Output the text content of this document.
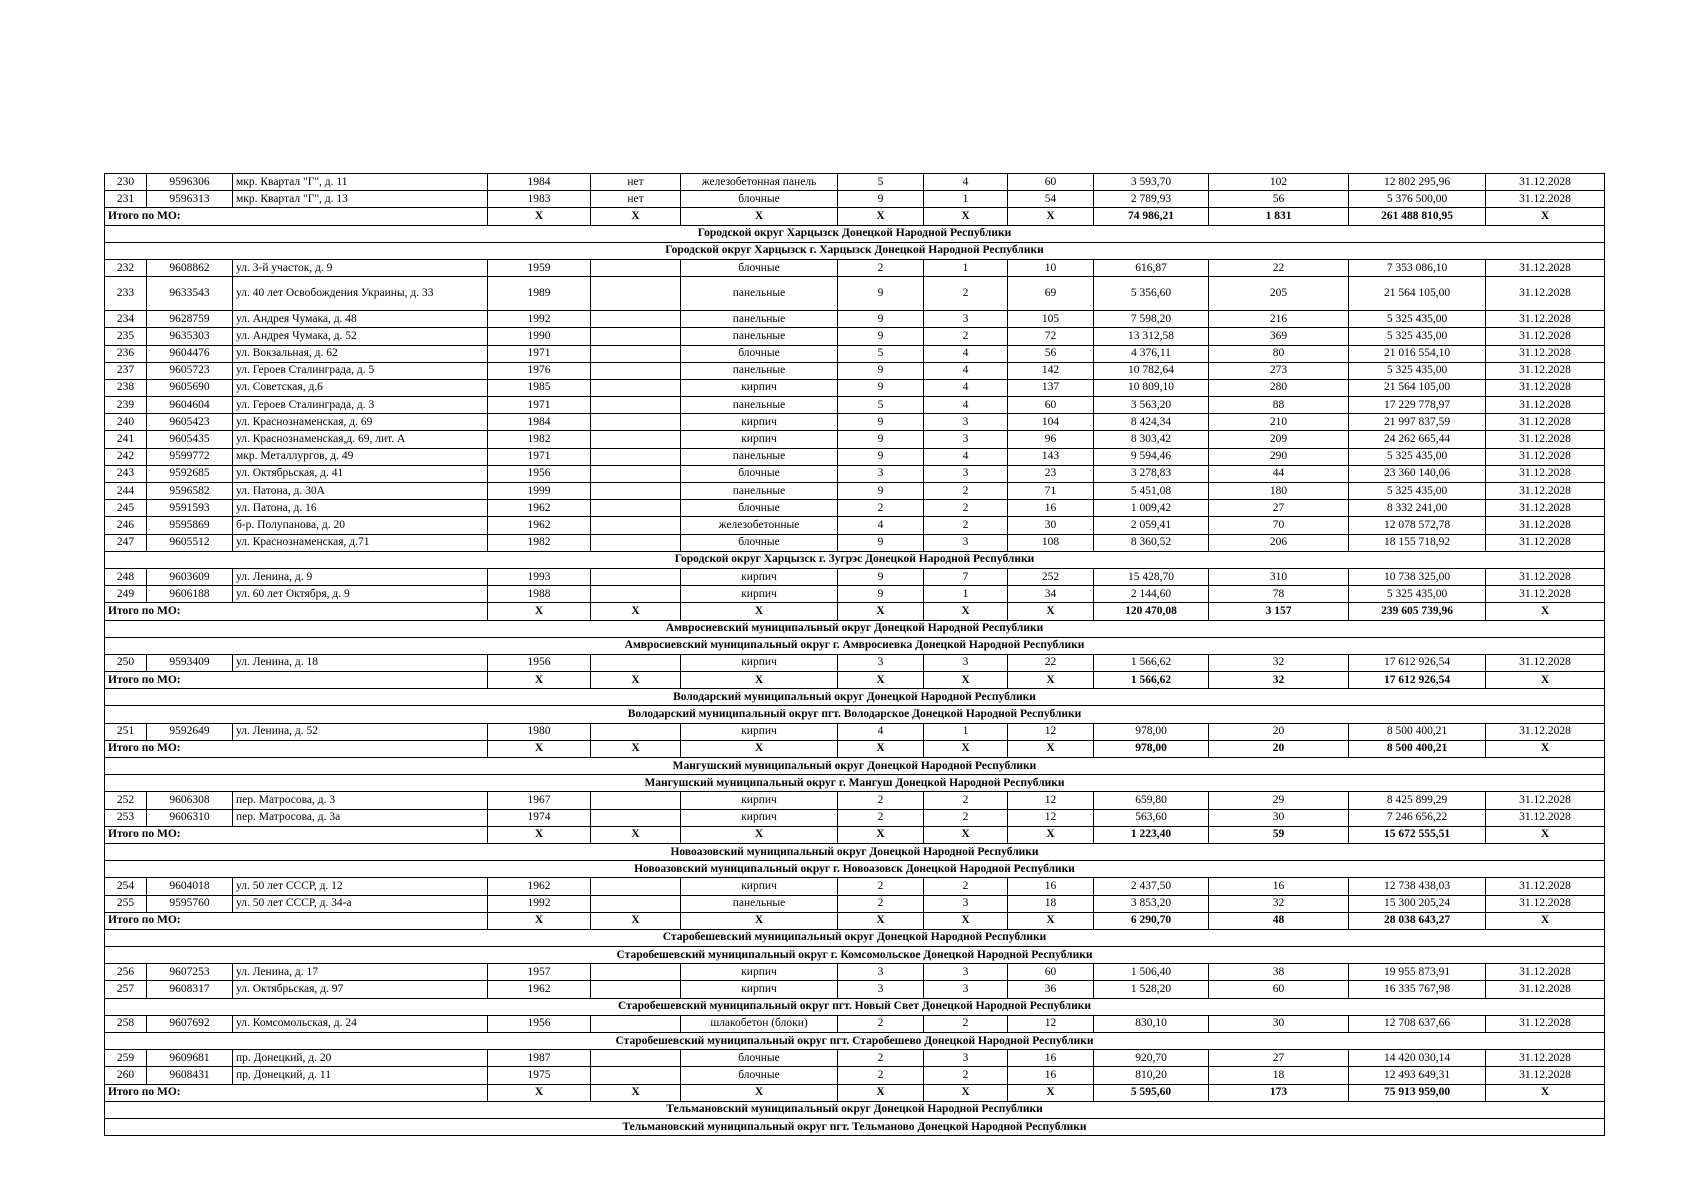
230	9596306	мкр. Квартал "Г", д. 11	1984	нет	железобетонная панель	5	4	60	3 593,70	102	12 802 295,96	31.12.2028
231	9596313	мкр. Квартал "Г", д. 13	1983	нет	блочные	9	1	54	2 789,93	56	5 376 500,00	31.12.2028
Итого по МО:			Х	Х	Х	Х	Х	Х	74 986,21	1 831	261 488 810,95	Х
Городской округ Харцызск Донецкой Народной Республики												
Городской округ Харцызск г. Харцызск Донецкой Народной Республики												
232	9608862	ул. 3-й участок, д. 9	1959		блочные	2	1	10	616,87	22	7 353 086,10	31.12.2028
233	9633543	ул. 40 лет Освобождения Украины, д. 33	1989		панельные	9	2	69	5 356,60	205	21 564 105,00	31.12.2028
234	9628759	ул. Андрея Чумака, д. 48	1992		панельные	9	3	105	7 598,20	216	5 325 435,00	31.12.2028
235	9635303	ул. Андрея Чумака, д. 52	1990		панельные	9	2	72	13 312,58	369	5 325 435,00	31.12.2028
236	9604476	ул. Вокзальная, д. 62	1971		блочные	5	4	56	4 376,11	80	21 016 554,10	31.12.2028
237	9605723	ул. Героев Сталинграда, д. 5	1976		панельные	9	4	142	10 782,64	273	5 325 435,00	31.12.2028
238	9605690	ул. Советская, д.6	1985		кирпич	9	4	137	10 809,10	280	21 564 105,00	31.12.2028
239	9604604	ул. Героев Сталинграда, д. 3	1971		панельные	5	4	60	3 563,20	88	17 229 778,97	31.12.2028
240	9605423	ул. Краснознаменская, д. 69	1984		кирпич	9	3	104	8 424,34	210	21 997 837,59	31.12.2028
241	9605435	ул. Краснознаменская,д. 69, лит. А	1982		кирпич	9	3	96	8 303,42	209	24 262 665,44	31.12.2028
242	9599772	мкр. Металлургов, д. 49	1971		панельные	9	4	143	9 594,46	290	5 325 435,00	31.12.2028
243	9592685	ул. Октябрьская, д. 41	1956		блочные	3	3	23	3 278,83	44	23 360 140,06	31.12.2028
244	9596582	ул. Патона, д. 30А	1999		панельные	9	2	71	5 451,08	180	5 325 435,00	31.12.2028
245	9591593	ул. Патона, д. 16	1962		блочные	2	2	16	1 009,42	27	8 332 241,00	31.12.2028
246	9595869	б-р. Полупанова, д. 20	1962		железобетонные	4	2	30	2 059,41	70	12 078 572,78	31.12.2028
247	9605512	ул. Краснознаменская, д.71	1982		блочные	9	3	108	8 360,52	206	18 155 718,92	31.12.2028
Городской округ Харцызск г. Зугрэс Донецкой Народной Республики												
248	9603609	ул. Ленина, д. 9	1993		кирпич	9	7	252	15 428,70	310	10 738 325,00	31.12.2028
249	9606188	ул. 60 лет Октября, д. 9	1988		кирпич	9	1	34	2 144,60	78	5 325 435,00	31.12.2028
Итого по МО:			Х	Х	Х	Х	Х	Х	120 470,08	3 157	239 605 739,96	Х
Амвросиевский муниципальный округ Донецкой Народной Республики												
Амвросиевский муниципальный округ г. Амвросиевка Донецкой Народной Республики												
250	9593409	ул. Ленина, д. 18	1956		кирпич	3	3	22	1 566,62	32	17 612 926,54	31.12.2028
Итого по МО:			Х	Х	Х	Х	Х	Х	1 566,62	32	17 612 926,54	Х
Володарский муниципальный округ Донецкой Народной Республики												
Володарский муниципальный округ пгт. Володарское Донецкой Народной Республики												
251	9592649	ул. Ленина, д. 52	1980		кирпич	4	1	12	978,00	20	8 500 400,21	31.12.2028
Итого по МО:			Х	Х	Х	Х	Х	Х	978,00	20	8 500 400,21	Х
Мангушский муниципальный округ Донецкой Народной Республики												
Мангушский муниципальный округ г. Мангуш Донецкой Народной Республики												
252	9606308	пер. Матросова, д. 3	1967		кирпич	2	2	12	659,80	29	8 425 899,29	31.12.2028
253	9606310	пер. Матросова, д. 3а	1974		кирпич	2	2	12	563,60	30	7 246 656,22	31.12.2028
Итого по МО:			Х	Х	Х	Х	Х	Х	1 223,40	59	15 672 555,51	Х
Новоазовский муниципальный округ Донецкой Народной Республики												
Новоазовский муниципальный округ г. Новоазовск Донецкой Народной Республики												
254	9604018	ул. 50 лет СССР, д. 12	1962		кирпич	2	2	16	2 437,50	16	12 738 438,03	31.12.2028
255	9595760	ул. 50 лет СССР, д. 34-а	1992		панельные	2	3	18	3 853,20	32	15 300 205,24	31.12.2028
Итого по МО:			Х	Х	Х	Х	Х	Х	6 290,70	48	28 038 643,27	Х
Старобешевский муниципальный округ Донецкой Народной Республики												
Старобешевский муниципальный округ г. Комсомольское Донецкой Народной Республики												
256	9607253	ул. Ленина, д. 17	1957		кирпич	3	3	60	1 506,40	38	19 955 873,91	31.12.2028
257	9608317	ул. Октябрьская, д. 97	1962		кирпич	3	3	36	1 528,20	60	16 335 767,98	31.12.2028
Старобешевский муниципальный округ пгт. Новый Свет Донецкой Народной Республики												
258	9607692	ул. Комсомольская, д. 24	1956		шлакобетон (блоки)	2	2	12	830,10	30	12 708 637,66	31.12.2028
Старобешевский муниципальный округ пгт. Старобешево Донецкой Народной Республики												
259	9609681	пр. Донецкий, д. 20	1987		блочные	2	3	16	920,70	27	14 420 030,14	31.12.2028
260	9608431	пр. Донецкий, д. 11	1975		блочные	2	2	16	810,20	18	12 493 649,31	31.12.2028
Итого по МО:			Х	Х	Х	Х	Х	Х	5 595,60	173	75 913 959,00	Х
Тельмановский муниципальный округ Донецкой Народной Республики												
Тельмановский муниципальный округ пгт. Тельманово Донецкой Народной Республики												
